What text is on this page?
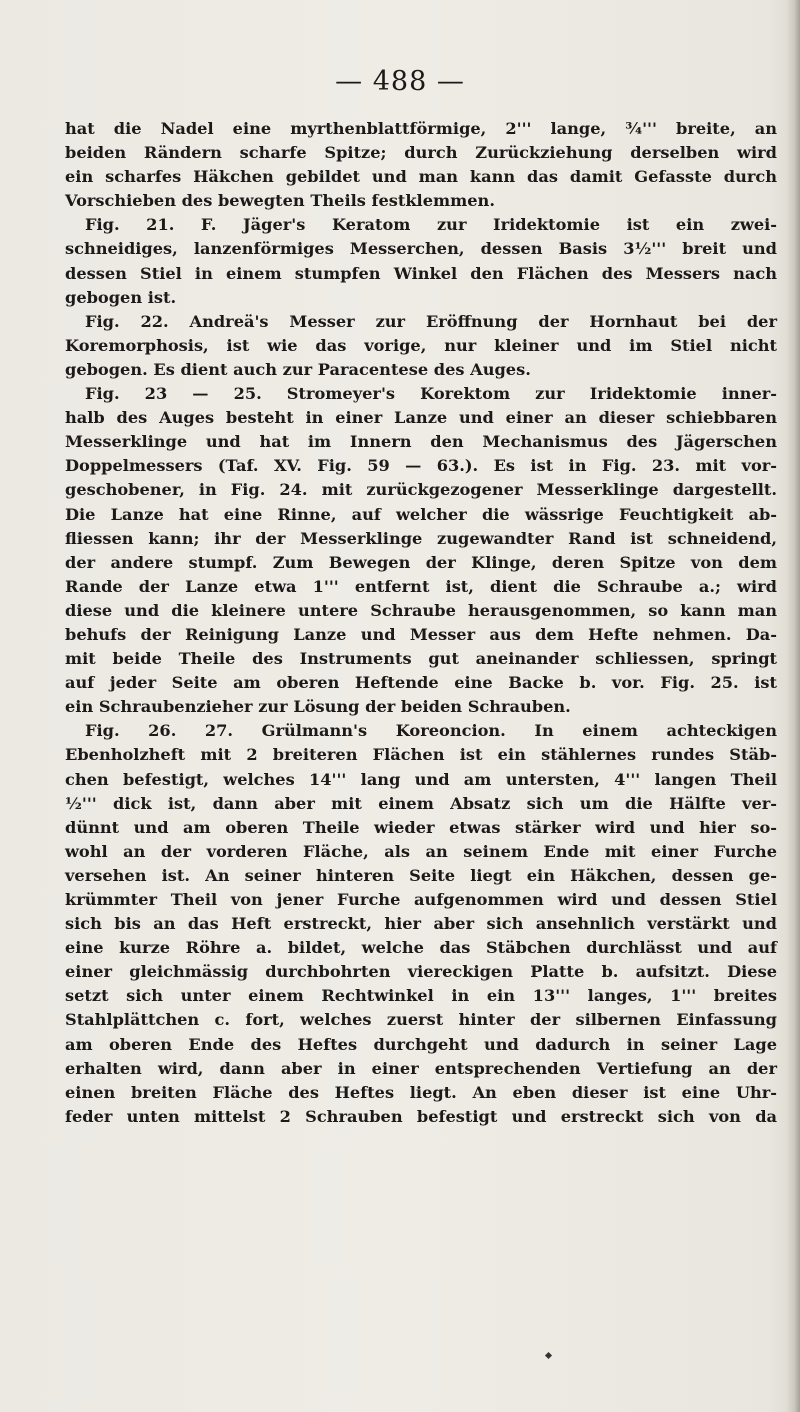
— 488 —
hat die Nadel eine myrthenblattförmige, 2''' lange, ¾''' breite, an
beiden Rändern scharfe Spitze; durch Zurückziehung derselben wird
ein scharfes Häkchen gebildet und man kann das damit Gefasste durch
Vorschieben des bewegten Theils festklemmen.
Fig. 21. F. Jäger's Keratom zur Iridektomie ist ein zwei-
schneidiges, lanzenförmiges Messerchen, dessen Basis 3½''' breit und
dessen Stiel in einem stumpfen Winkel den Flächen des Messers nach
gebogen ist.
Fig. 22. Andreä's Messer zur Eröffnung der Hornhaut bei der
Koremorphosis, ist wie das vorige, nur kleiner und im Stiel nicht
gebogen. Es dient auch zur Paracentese des Auges.
Fig. 23 — 25. Stromeyer's Korektom zur Iridektomie inner-
halb des Auges besteht in einer Lanze und einer an dieser schiebbaren
Messerklinge und hat im Innern den Mechanismus des Jägerschen
Doppelmessers (Taf. XV. Fig. 59 — 63.). Es ist in Fig. 23. mit vor-
geschobener, in Fig. 24. mit zurückgezogener Messerklinge dargestellt.
Die Lanze hat eine Rinne, auf welcher die wässrige Feuchtigkeit ab-
fliessen kann; ihr der Messerklinge zugewandter Rand ist schneidend,
der andere stumpf. Zum Bewegen der Klinge, deren Spitze von dem
Rande der Lanze etwa 1''' entfernt ist, dient die Schraube a.; wird
diese und die kleinere untere Schraube herausgenommen, so kann man
behufs der Reinigung Lanze und Messer aus dem Hefte nehmen. Da-
mit beide Theile des Instruments gut aneinander schliessen, springt
auf jeder Seite am oberen Heftende eine Backe b. vor. Fig. 25. ist
ein Schraubenzieher zur Lösung der beiden Schrauben.
Fig. 26. 27. Grülmann's Koreoncion. In einem achteckigen
Ebenholzheft mit 2 breiteren Flächen ist ein stählernes rundes Stäb-
chen befestigt, welches 14''' lang und am untersten, 4''' langen Theil
½''' dick ist, dann aber mit einem Absatz sich um die Hälfte ver-
dünnt und am oberen Theile wieder etwas stärker wird und hier so-
wohl an der vorderen Fläche, als an seinem Ende mit einer Furche
versehen ist. An seiner hinteren Seite liegt ein Häkchen, dessen ge-
krümmter Theil von jener Furche aufgenommen wird und dessen Stiel
sich bis an das Heft erstreckt, hier aber sich ansehnlich verstärkt und
eine kurze Röhre a. bildet, welche das Stäbchen durchlässt und auf
einer gleichmässig durchbohrten viereckigen Platte b. aufsitzt. Diese
setzt sich unter einem Rechtwinkel in ein 13''' langes, 1''' breites
Stahlplättchen c. fort, welches zuerst hinter der silbernen Einfassung
am oberen Ende des Heftes durchgeht und dadurch in seiner Lage
erhalten wird, dann aber in einer entsprechenden Vertiefung an der
einen breiten Fläche des Heftes liegt. An eben dieser ist eine Uhr-
feder unten mittelst 2 Schrauben befestigt und erstreckt sich von da
